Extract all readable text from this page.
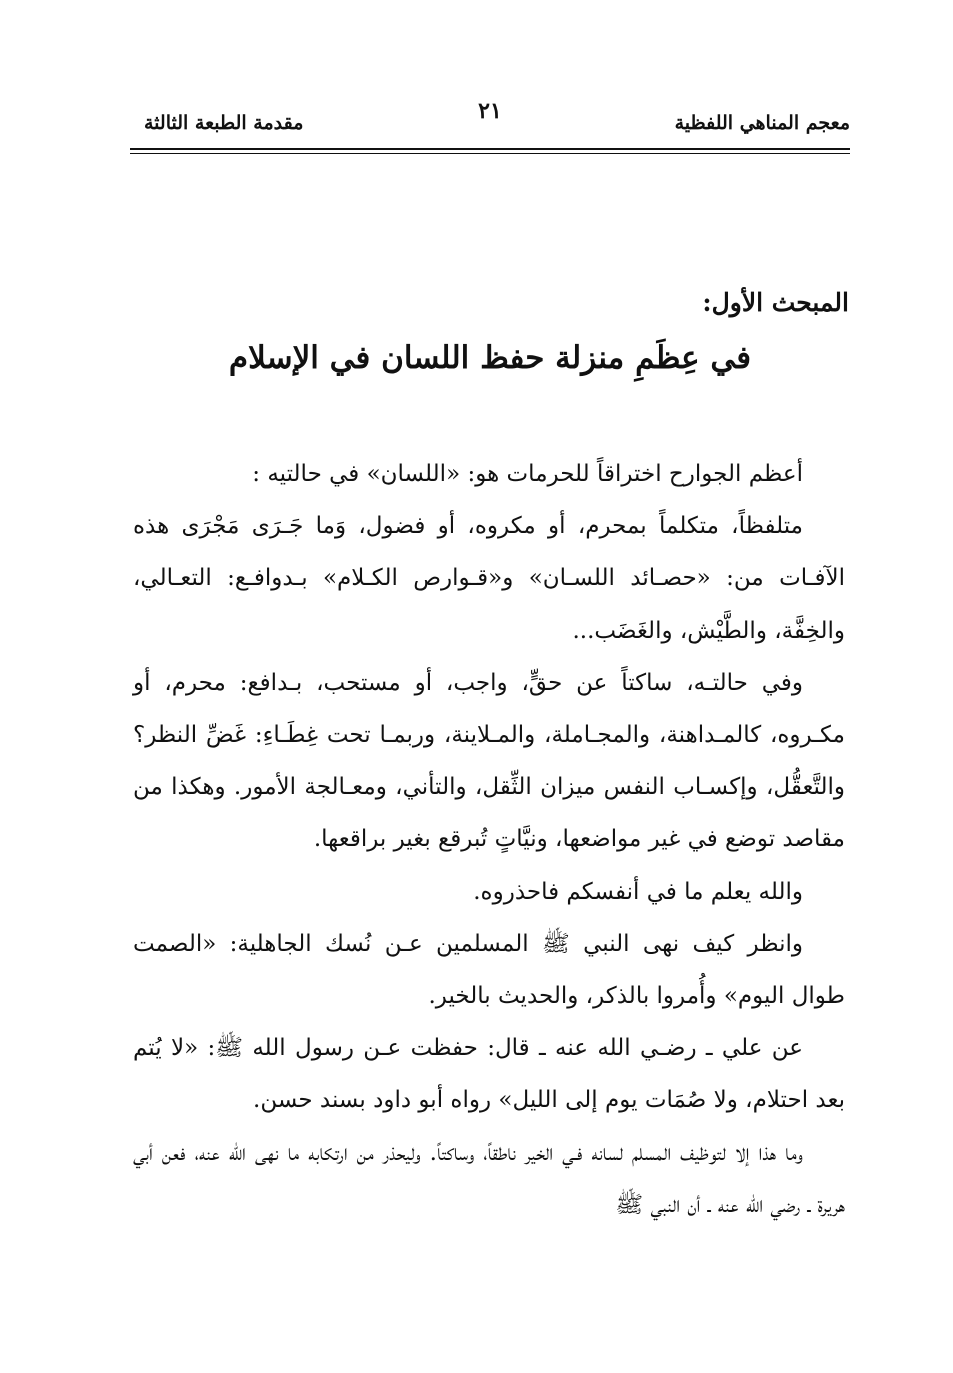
معجم المناهي اللفظية
٢١
مقدمة الطبعة الثالثة
المبحث الأول:
في عِظَمِ منزلة حفظ اللسان في الإسلام

أعظم الجوارح اختراقاً للحرمات هو: «اللسان» في حالتيه :

متلفظاً، متكلماً بمحرم، أو مكروه، أو فضول، وَما جَـرَى مَجْرَى هذه الآفـات من: «حصـائد اللسـان» و«قـوارص الكـلام» بـدوافـع: التعـالي، والخِفَّة، والطَّيْش، والغَضَب...

وفي حالتـه، ساكتاً عن حقٍّ، واجب، أو مستحب، بـدافع: محرم، أو مكـروه، كالمـداهنة، والمجـاملة، والمـلاينة، وربمـا تحت غِطَـاءِ: غَضِّ النظر؟ والتَّعقُّل، وإكسـاب النفس ميزان الثِّقل، والتأني، ومعـالجة الأمور. وهكذا من مقاصد توضع في غير مواضعها، ونيَّاتٍ تُبرقع بغير براقعها.

والله يعلم ما في أنفسكم فاحذروه.

وانظر كيف نهى النبي ﷺ المسلمين عـن نُسك الجاهلية: «الصمت طوال اليوم» وأُمروا بالذكر، والحديث بالخير.

عن علي ـ رضـي الله عنه ـ قال: حفظت عـن رسول الله ﷺ: «لا يُتم بعد احتلام، ولا صُمَات يوم إلى الليل» رواه أبو داود بسند حسن.

وما هذا إلا لتوظيف المسلم لسانه فـي الخير ناطقاً، وساكتاً. وليحذر من ارتكابه ما نهى الله عنه، فعن أبي هريرة ـ رضي الله عنه ـ أن النبي ﷺ
